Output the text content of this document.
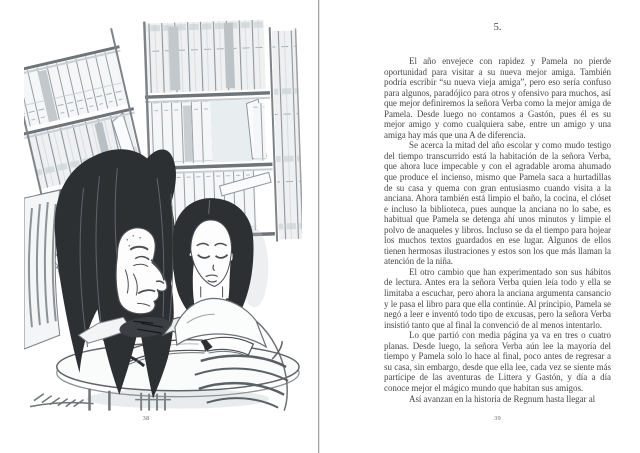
38
5.

El año envejece con rapidez y Pamela no pierde oportunidad para visitar a su nueva mejor amiga. También podría escribir “su nueva vieja amiga”, pero eso sería confuso para algunos, paradójico para otros y ofensivo para muchos, así que mejor definiremos la señora Verba como la mejor amiga de Pamela. Desde luego no contamos a Gastón, pues él es su mejor amigo y como cualquiera sabe, entre un amigo y una amiga hay más que una A de diferencia.

Se acerca la mitad del año escolar y como mudo testigo del tiempo transcurrido está la habitación de la señora Verba, que ahora luce impecable y con el agradable aroma ahumado que produce el incienso, mismo que Pamela saca a hurtadillas de su casa y quema con gran entusiasmo cuando visita a la anciana. Ahora también está limpio el baño, la cocina, el clóset e incluso la biblioteca, pues aunque la anciana no lo sabe, es habitual que Pamela se detenga ahí unos minutos y limpie el polvo de anaqueles y libros. Incluso se da el tiempo para hojear los muchos textos guardados en ese lugar. Algunos de ellos tienen hermosas ilustraciones y estos son los que más llaman la atención de la niña.

El otro cambio que han experimentado son sus hábitos de lectura. Antes era la señora Verba quien leía todo y ella se limitaba a escuchar, pero ahora la anciana argumenta cansancio y le pasa el libro para que ella continúe. Al principio, Pamela se negó a leer e inventó todo tipo de excusas, pero la señora Verba insistió tanto que al final la convenció de al menos intentarlo.

Lo que partió con media página ya va en tres o cuatro planas. Desde luego, la señora Verba aún lee la mayoría del tiempo y Pamela solo lo hace al final, poco antes de regresar a su casa, sin embargo, desde que ella lee, cada vez se siente más partícipe de las aventuras de Littera y Gastón, y día a día conoce mejor el mágico mundo que habitan sus amigos.

Así avanzan en la historia de Regnum hasta llegar al

39
